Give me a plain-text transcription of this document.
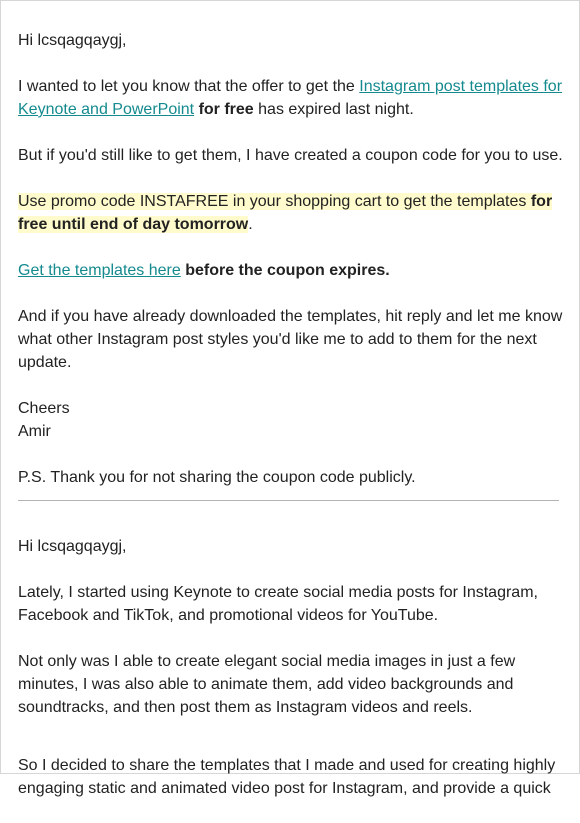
Hi lcsqagqaygj,

I wanted to let you know that the offer to get the Instagram post templates for Keynote and PowerPoint for free has expired last night.

But if you'd still like to get them, I have created a coupon code for you to use.

Use promo code INSTAFREE in your shopping cart to get the templates for free until end of day tomorrow.

Get the templates here before the coupon expires.

And if you have already downloaded the templates, hit reply and let me know what other Instagram post styles you'd like me to add to them for the next update.

Cheers

Amir

P.S. Thank you for not sharing the coupon code publicly.

Hi lcsqagqaygj,

Lately, I started using Keynote to create social media posts for Instagram, Facebook and TikTok, and promotional videos for YouTube.

Not only was I able to create elegant social media images in just a few minutes, I was also able to animate them, add video backgrounds and soundtracks, and then post them as Instagram videos and reels.

So I decided to share the templates that I made and used for creating highly engaging static and animated video post for Instagram, and provide a quick
